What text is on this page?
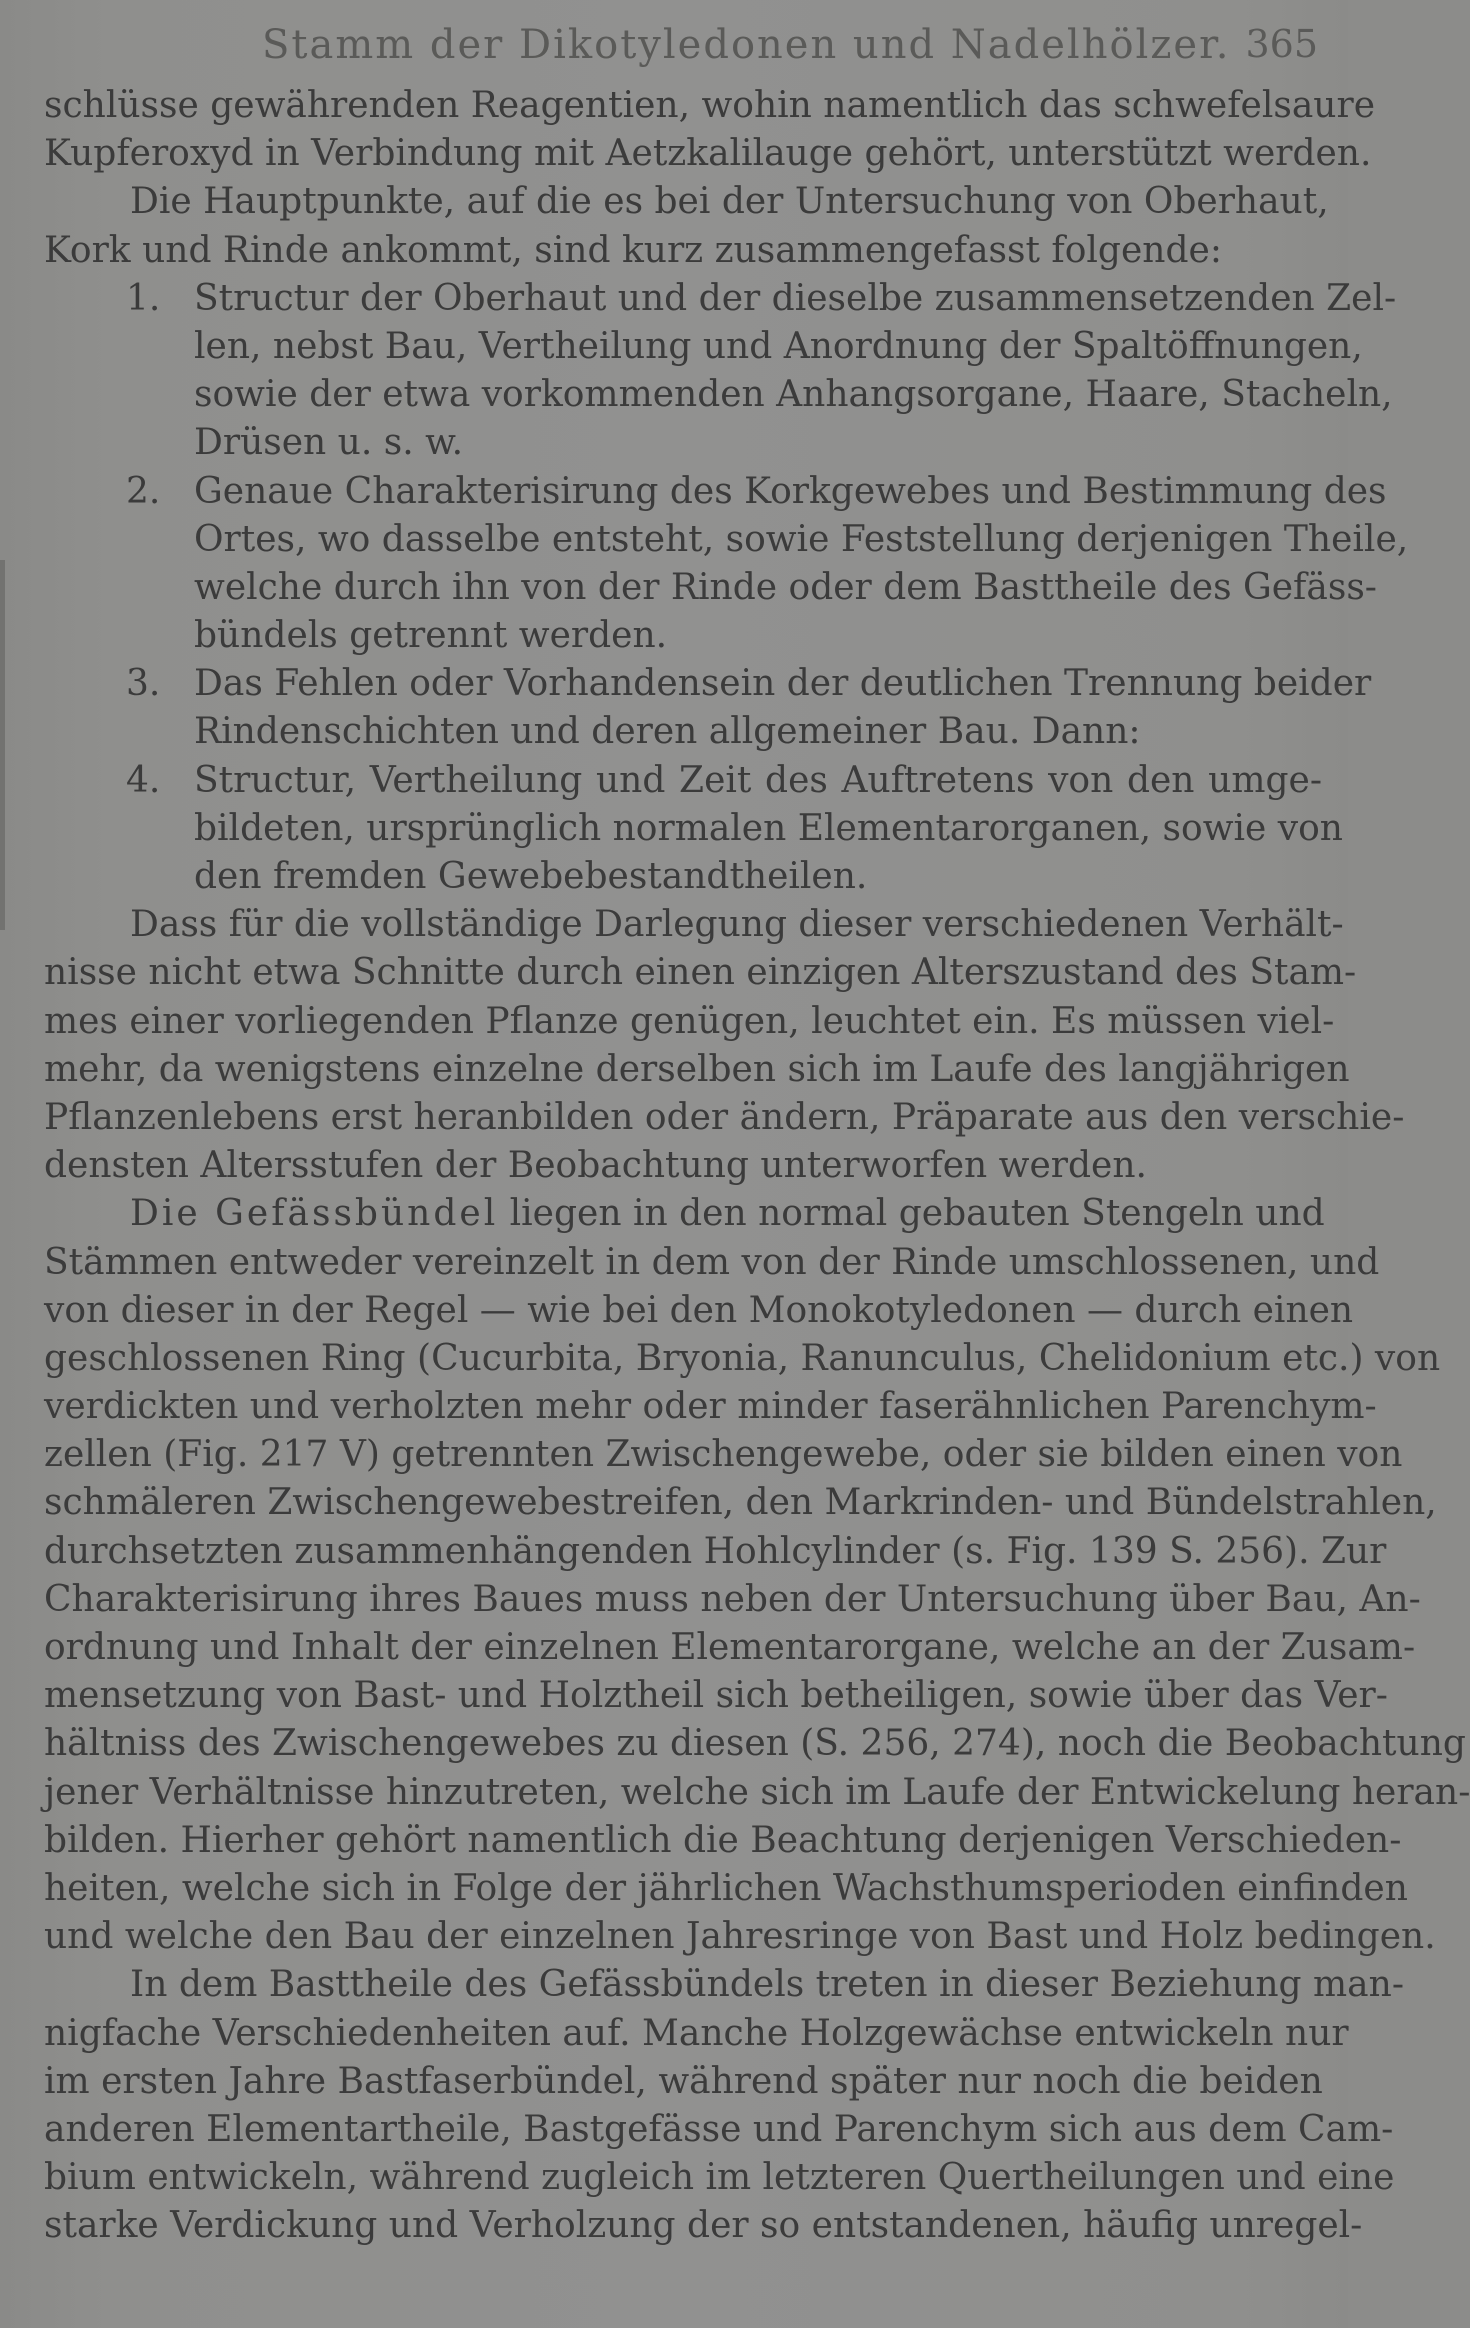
Stamm der Dikotyledonen und Nadelhölzer. 365
schlüsse gewährenden Reagentien, wohin namentlich das schwefelsaure
Kupferoxyd in Verbindung mit Aetzkalilauge gehört, unterstützt werden.
Die Hauptpunkte, auf die es bei der Untersuchung von Oberhaut,
Kork und Rinde ankommt, sind kurz zusammengefasst folgende:
1. Structur der Oberhaut und der dieselbe zusammensetzenden Zel-
len, nebst Bau, Vertheilung und Anordnung der Spaltöffnungen,
sowie der etwa vorkommenden Anhangsorgane, Haare, Stacheln,
Drüsen u. s. w.
2. Genaue Charakterisirung des Korkgewebes und Bestimmung des
Ortes, wo dasselbe entsteht, sowie Feststellung derjenigen Theile,
welche durch ihn von der Rinde oder dem Basttheile des Gefäss-
bündels getrennt werden.
3. Das Fehlen oder Vorhandensein der deutlichen Trennung beider
Rindenschichten und deren allgemeiner Bau. Dann:
4. Structur, Vertheilung und Zeit des Auftretens von den umge-
bildeten, ursprünglich normalen Elementarorganen, sowie von
den fremden Gewebebestandtheilen.
Dass für die vollständige Darlegung dieser verschiedenen Verhält-
nisse nicht etwa Schnitte durch einen einzigen Alterszustand des Stam-
mes einer vorliegenden Pflanze genügen, leuchtet ein. Es müssen viel-
mehr, da wenigstens einzelne derselben sich im Laufe des langjährigen
Pflanzenlebens erst heranbilden oder ändern, Präparate aus den verschie-
densten Altersstufen der Beobachtung unterworfen werden.
Die Gefässbündel liegen in den normal gebauten Stengeln und
Stämmen entweder vereinzelt in dem von der Rinde umschlossenen, und
von dieser in der Regel — wie bei den Monokotyledonen — durch einen
geschlossenen Ring (Cucurbita, Bryonia, Ranunculus, Chelidonium etc.) von
verdickten und verholzten mehr oder minder faserähnlichen Parenchym-
zellen (Fig. 217 V) getrennten Zwischengewebe, oder sie bilden einen von
schmäleren Zwischengewebestreifen, den Markrinden- und Bündelstrahlen,
durchsetzten zusammenhängenden Hohlcylinder (s. Fig. 139 S. 256). Zur
Charakterisirung ihres Baues muss neben der Untersuchung über Bau, An-
ordnung und Inhalt der einzelnen Elementarorgane, welche an der Zusam-
mensetzung von Bast- und Holztheil sich betheiligen, sowie über das Ver-
hältniss des Zwischengewebes zu diesen (S. 256, 274), noch die Beobachtung
jener Verhältnisse hinzutreten, welche sich im Laufe der Entwickelung heran-
bilden. Hierher gehört namentlich die Beachtung derjenigen Verschieden-
heiten, welche sich in Folge der jährlichen Wachsthumsperioden einfinden
und welche den Bau der einzelnen Jahresringe von Bast und Holz bedingen.
In dem Basttheile des Gefässbündels treten in dieser Beziehung man-
nigfache Verschiedenheiten auf. Manche Holzgewächse entwickeln nur
im ersten Jahre Bastfaserbündel, während später nur noch die beiden
anderen Elementartheile, Bastgefässe und Parenchym sich aus dem Cam-
bium entwickeln, während zugleich im letzteren Quertheilungen und eine
starke Verdickung und Verholzung der so entstandenen, häufig unregel-
